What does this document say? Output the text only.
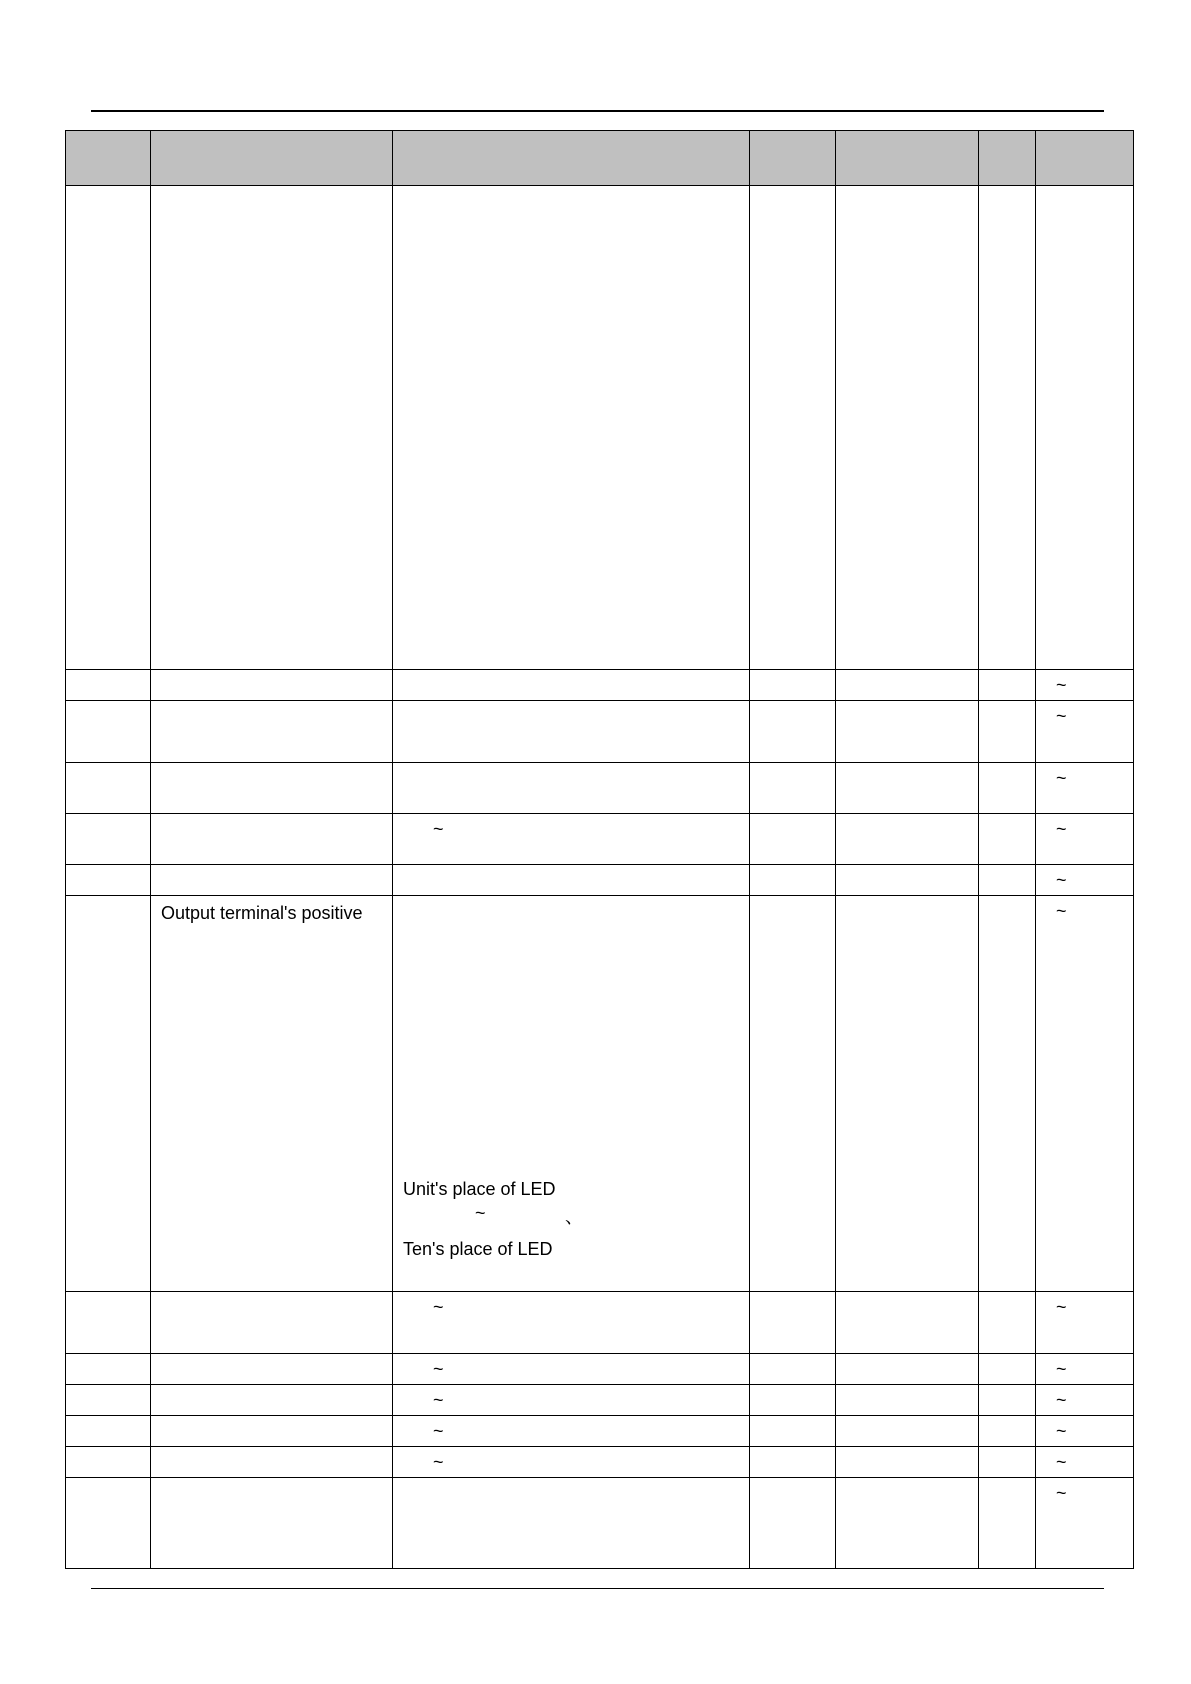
						~

						~

						~

		~				~

						~

	Output terminal's positive	Unit's place of LED
~ 、
Ten's place of LED				~

		~				~

		~				~

		~				~

		~				~

		~				~

						~
